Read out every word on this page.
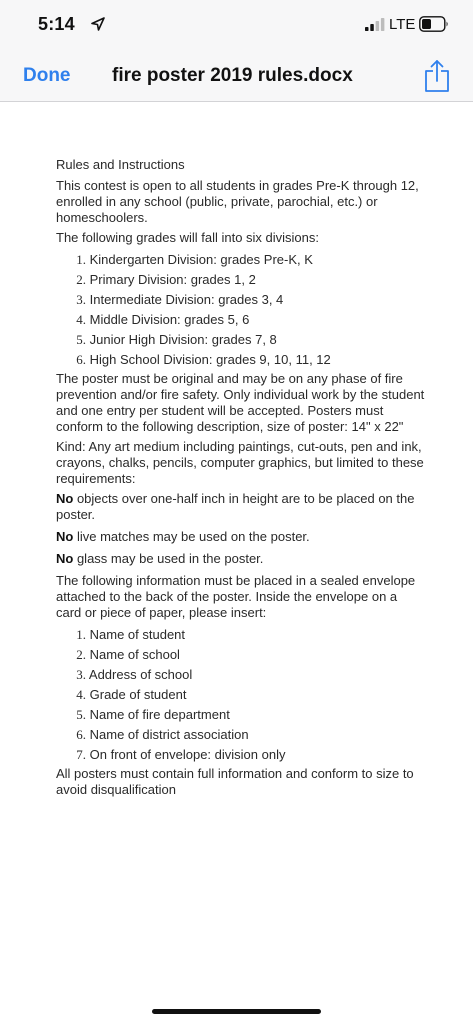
5:14	LTE
Done fire poster 2019 rules.docx

Rules and Instructions

This contest is open to all students in grades Pre-K through 12, enrolled in any school (public, private, parochial, etc.) or homeschoolers.

The following grades will fall into six divisions:

1. Kindergarten Division: grades Pre-K, K
2. Primary Division: grades 1, 2
3. Intermediate Division: grades 3, 4
4. Middle Division: grades 5, 6
5. Junior High Division: grades 7, 8
6. High School Division: grades 9, 10, 11, 12

The poster must be original and may be on any phase of fire prevention and/or fire safety. Only individual work by the student and one entry per student will be accepted. Posters must conform to the following description, size of poster: 14" x 22"

Kind: Any art medium including paintings, cut-outs, pen and ink, crayons, chalks, pencils, computer graphics, but limited to these requirements:

No objects over one-half inch in height are to be placed on the poster.

No live matches may be used on the poster.

No glass may be used in the poster.

The following information must be placed in a sealed envelope attached to the back of the poster. Inside the envelope on a card or piece of paper, please insert:

1. Name of student
2. Name of school
3. Address of school
4. Grade of student
5. Name of fire department
6. Name of district association
7. On front of envelope: division only

All posters must contain full information and conform to size to avoid disqualification
